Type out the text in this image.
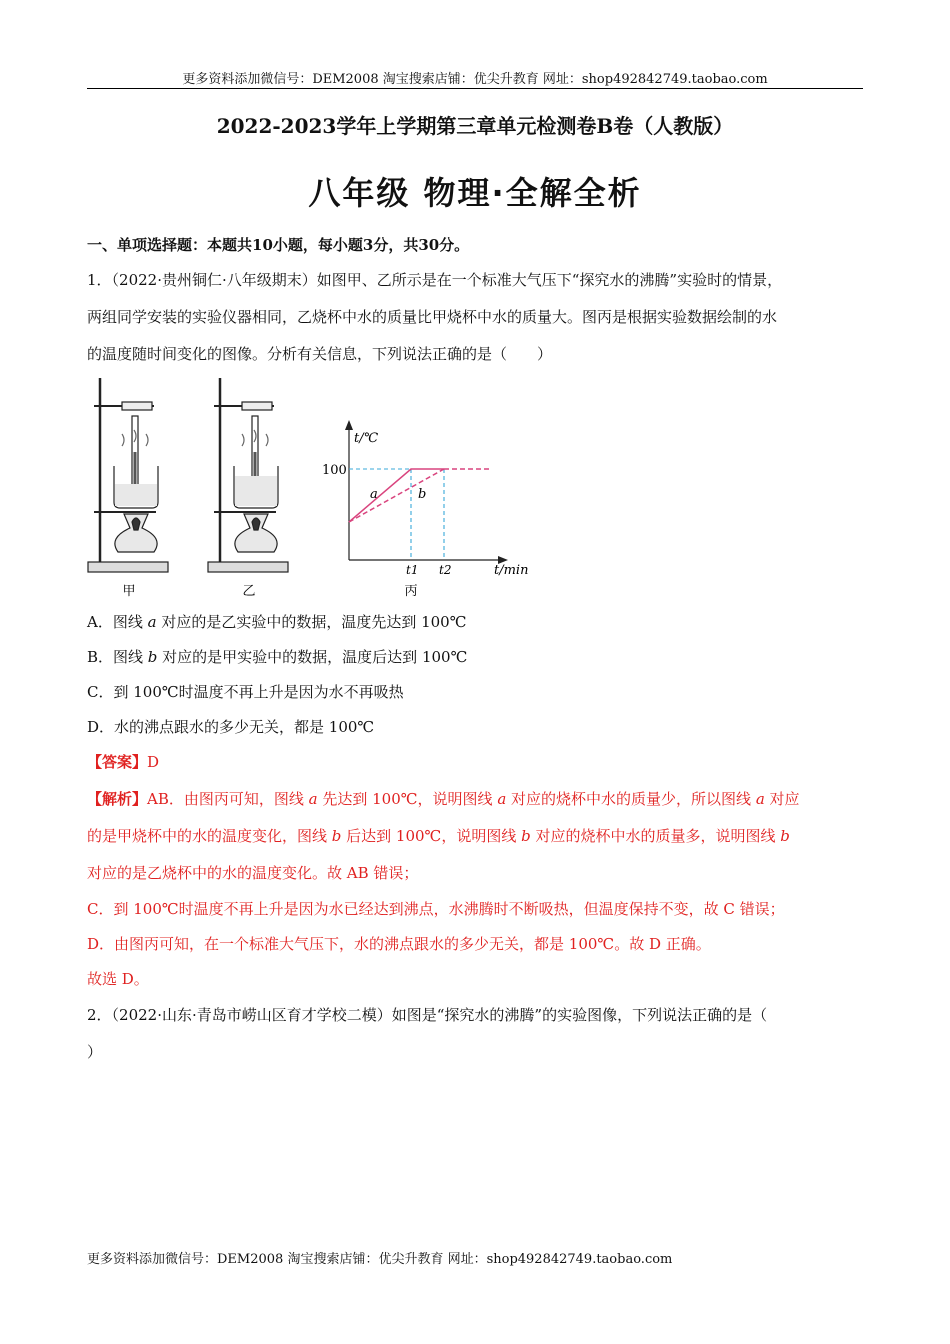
更多资料添加微信号：DEM2008 淘宝搜索店铺：优尖升教育 网址：shop492842749.taobao.com
2022-2023学年上学期第三章单元检测卷B卷（人教版）
八年级 物理·全解全析
一、单项选择题：本题共10小题，每小题3分，共30分。
1．（2022·贵州铜仁·八年级期末）如图甲、乙所示是在一个标准大气压下“探究水的沸腾”实验时的情景，
两组同学安装的实验仪器相同，乙烧杯中水的质量比甲烧杯中水的质量大。图丙是根据实验数据绘制的水
的温度随时间变化的图像。分析有关信息，下列说法正确的是（　　）
甲	乙
t/℃
100
a	b
t1 t2	t/min
丙
A．图线 a 对应的是乙实验中的数据，温度先达到 100℃
B．图线 b 对应的是甲实验中的数据，温度后达到 100℃
C．到 100℃时温度不再上升是因为水不再吸热
D．水的沸点跟水的多少无关，都是 100℃
【答案】D
【解析】AB．由图丙可知，图线 a 先达到 100℃，说明图线 a 对应的烧杯中水的质量少，所以图线 a 对应
的是甲烧杯中的水的温度变化，图线 b 后达到 100℃，说明图线 b 对应的烧杯中水的质量多，说明图线 b
对应的是乙烧杯中的水的温度变化。故 AB 错误；
C．到 100℃时温度不再上升是因为水已经达到沸点，水沸腾时不断吸热，但温度保持不变，故 C 错误；
D．由图丙可知，在一个标准大气压下，水的沸点跟水的多少无关，都是 100℃。故 D 正确。
故选 D。
2．（2022·山东·青岛市崂山区育才学校二模）如图是“探究水的沸腾”的实验图像，下列说法正确的是（
）
更多资料添加微信号：DEM2008 淘宝搜索店铺：优尖升教育 网址：shop492842749.taobao.com
